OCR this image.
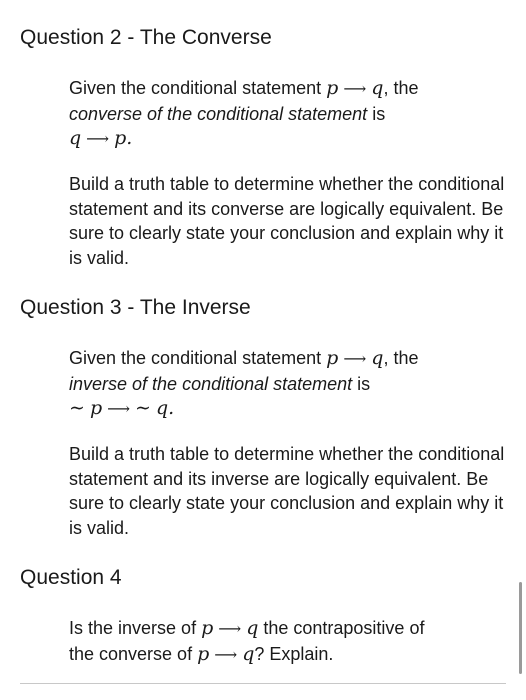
Question 2 - The Converse

Given the conditional statement p ⟶ q, the
converse of the conditional statement is
q ⟶ p.

Build a truth table to determine whether the conditional statement and its converse are logically equivalent. Be sure to clearly state your conclusion and explain why it is valid.

Question 3 - The Inverse

Given the conditional statement p ⟶ q, the
inverse of the conditional statement is
∼ p ⟶ ∼ q.

Build a truth table to determine whether the conditional statement and its inverse are logically equivalent. Be sure to clearly state your conclusion and explain why it is valid.

Question 4

Is the inverse of p ⟶ q the contrapositive of
the converse of p ⟶ q? Explain.
